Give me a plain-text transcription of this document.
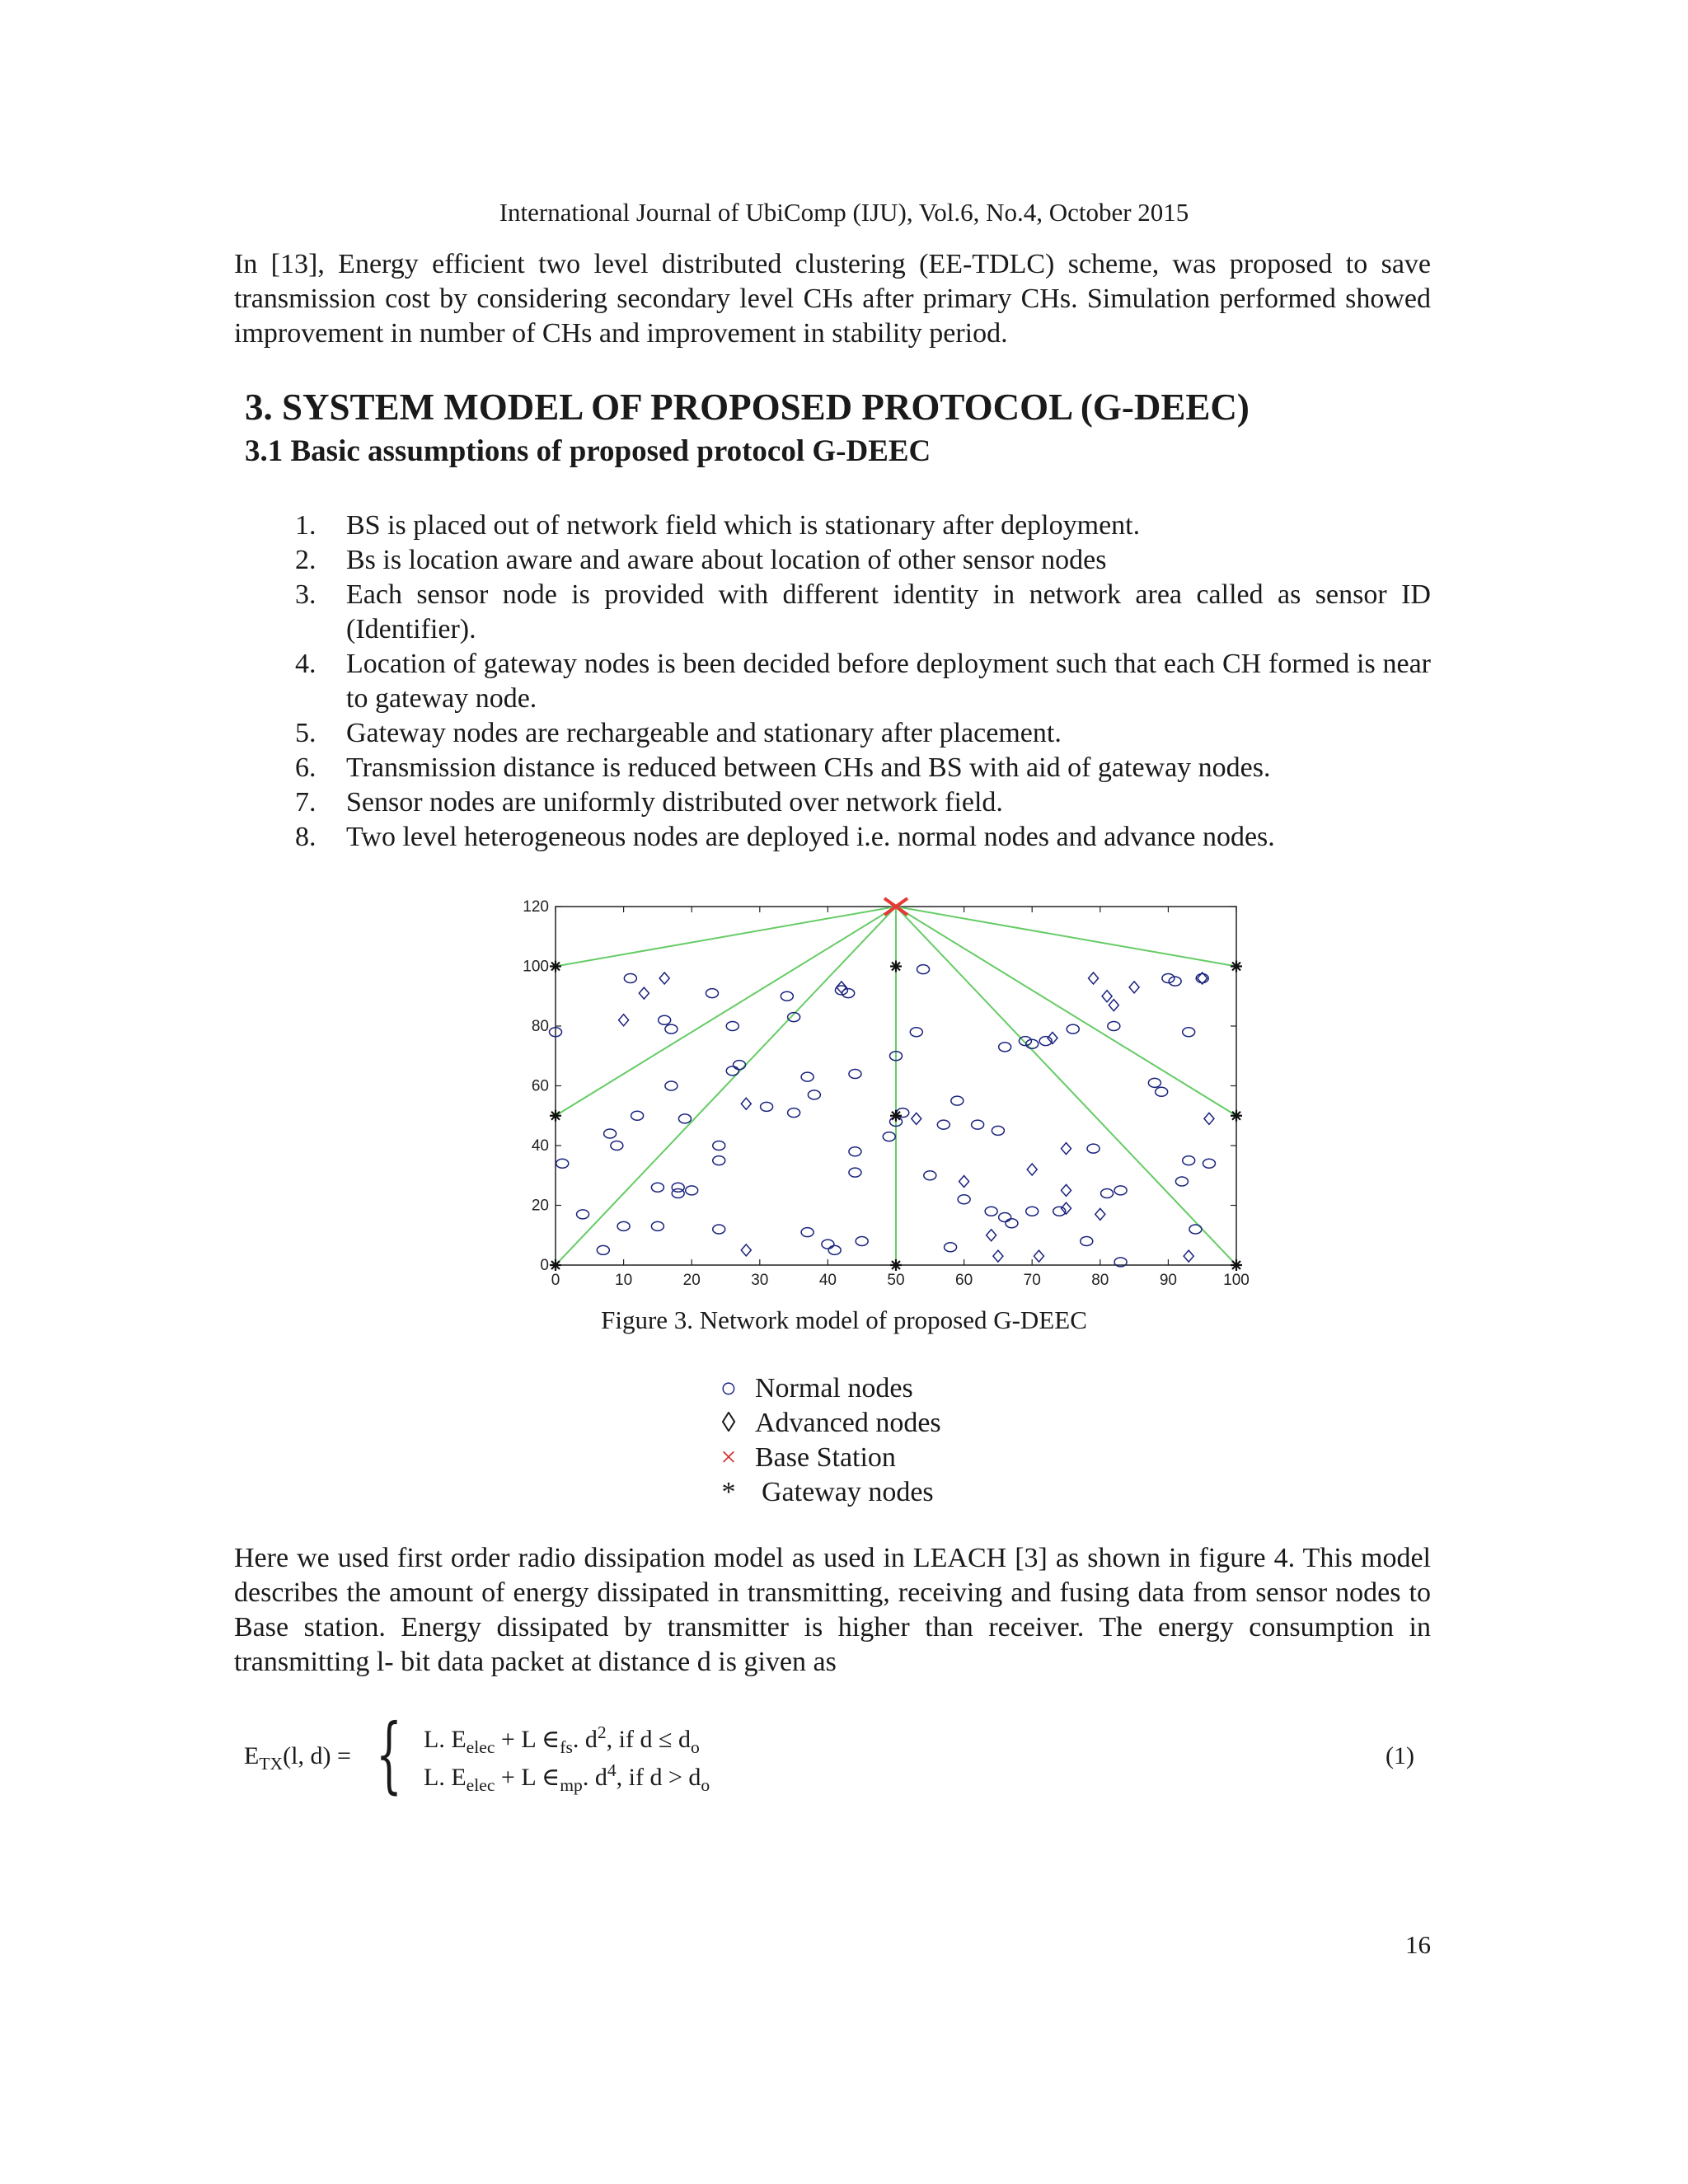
International Journal of UbiComp (IJU), Vol.6, No.4, October 2015
In [13], Energy efficient two level distributed clustering (EE-TDLC) scheme, was proposed to save transmission cost by considering secondary level CHs after primary CHs. Simulation performed showed improvement in number of CHs and improvement in stability period.
3. SYSTEM MODEL OF PROPOSED PROTOCOL (G-DEEC)
3.1 Basic assumptions of proposed protocol G-DEEC
1. BS is placed out of network field which is stationary after deployment.
2. Bs is location aware and aware about location of other sensor nodes
3. Each sensor node is provided with different identity in network area called as sensor ID (Identifier).
4. Location of gateway nodes is been decided before deployment such that each CH formed is near to gateway node.
5. Gateway nodes are rechargeable and stationary after placement.
6. Transmission distance is reduced between CHs and BS with aid of gateway nodes.
7. Sensor nodes are uniformly distributed over network field.
8. Two level heterogeneous nodes are deployed i.e. normal nodes and advance nodes.
0	10	20	30	40	50	60	70	80	90	100
0
20
40
60
80
100
120
Figure 3. Network model of proposed G-DEEC
○ Normal nodes
◊ Advanced nodes
× Base Station
* Gateway nodes
Here we used first order radio dissipation model as used in LEACH [3] as shown in figure 4. This model describes the amount of energy dissipated in transmitting, receiving and fusing data from sensor nodes to Base station. Energy dissipated by transmitter is higher than receiver. The energy consumption in transmitting l- bit data packet at distance d is given as
$E_{TX}(l$, d) = { L. $E_{elec} + L$ $\in_{fs}$. $d^2$, if $d \le d_o$
L. $E_{elec} + L$ $\in_{mp}$. $d^4$, if $d > d_o$
(1)
16
